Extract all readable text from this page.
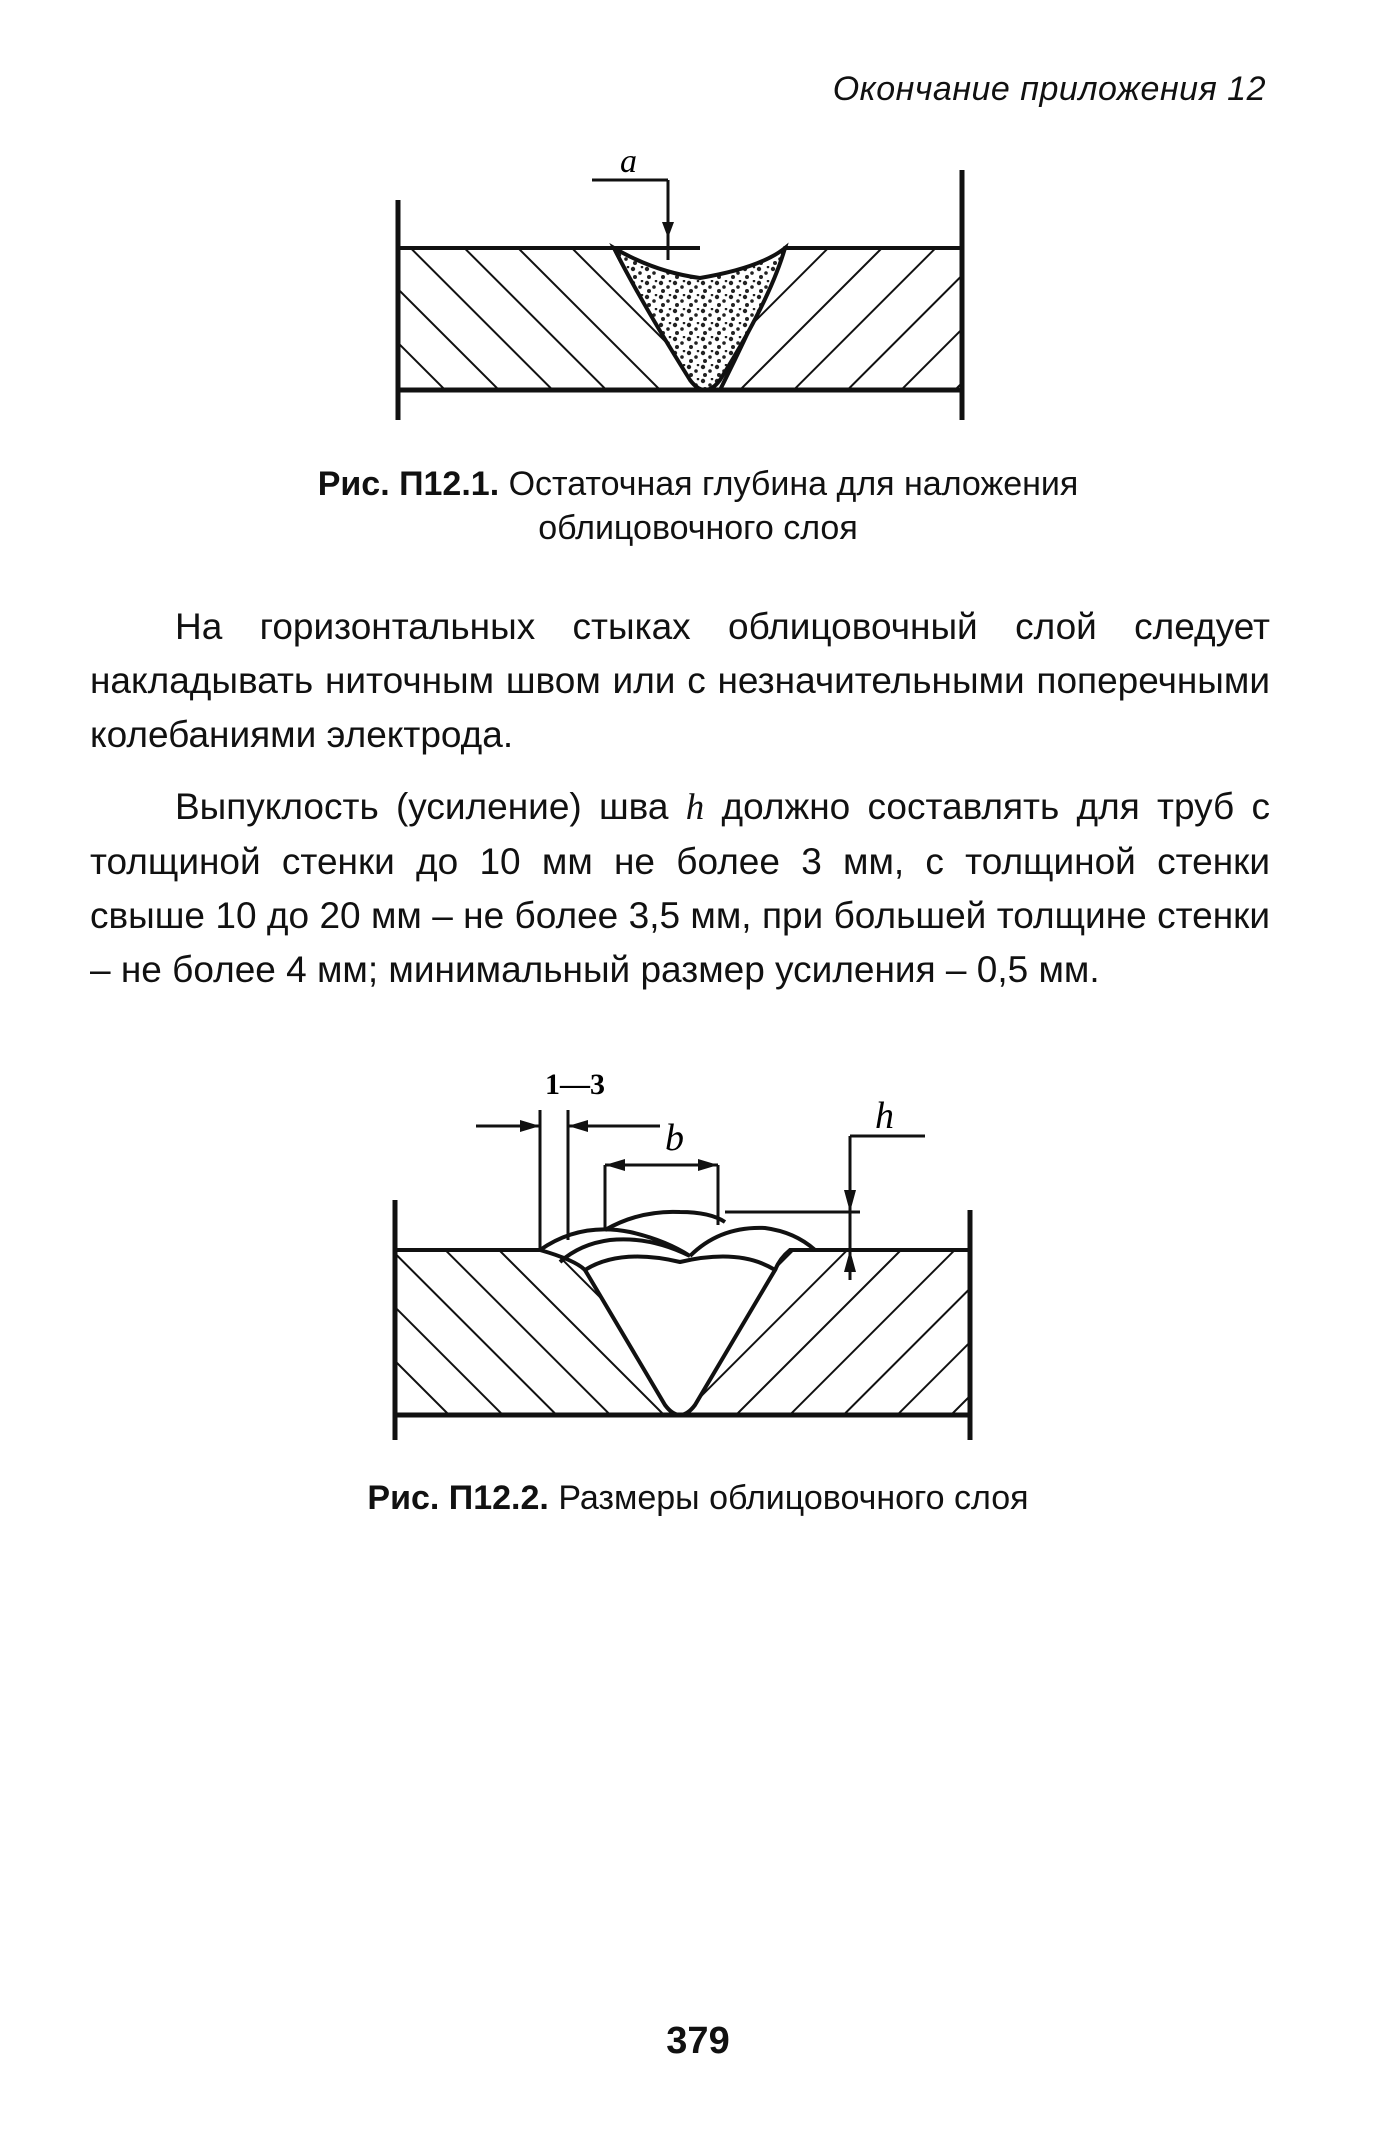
Окончание приложения 12
a
Рис. П12.1. Остаточная глубина для наложения
облицовочного слоя

На горизонтальных стыках облицовочный слой следует накладывать ниточным швом или с незначительными поперечными колебаниями электрода.

Выпуклость (усиление) шва h должно составлять для труб с толщиной стенки до 10 мм не более 3 мм, с толщиной стенки свыше 10 до 20 мм – не более 3,5 мм, при большей толщине стенки – не более 4 мм; минимальный размер усиления – 0,5 мм.

1—3
b
h
Рис. П12.2. Размеры облицовочного слоя
379
